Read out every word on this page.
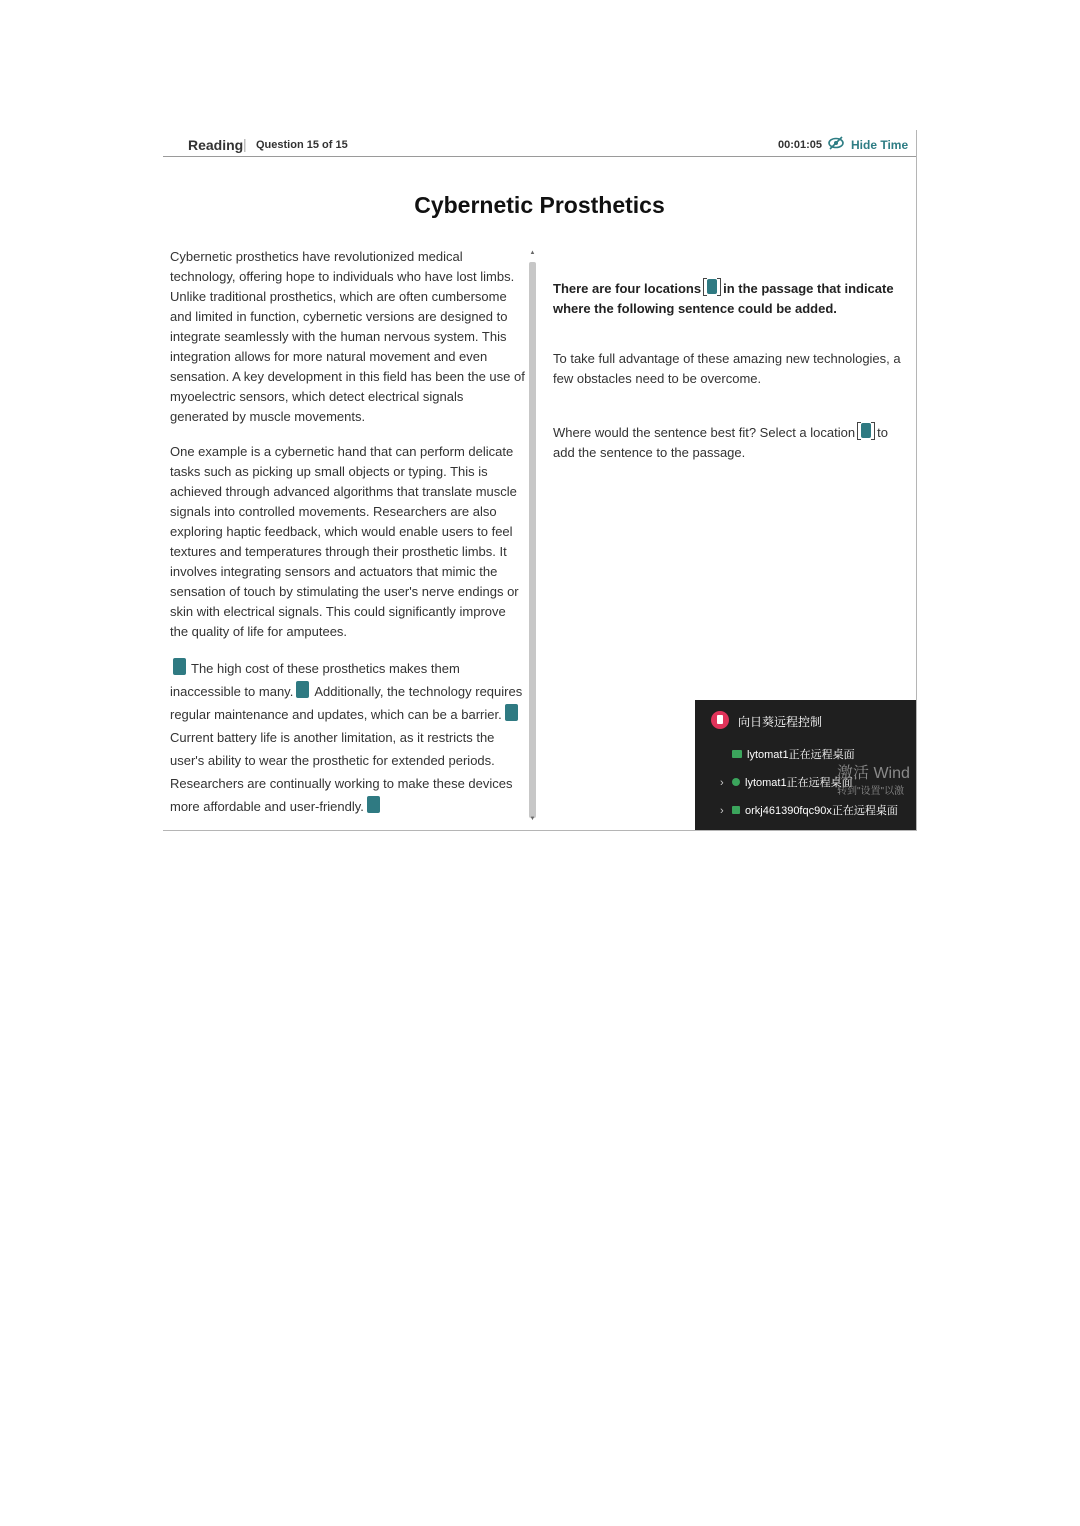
Reading | Question 15 of 15	00:01:05 Hide Time
Cybernetic Prosthetics

Cybernetic prosthetics have revolutionized medical technology, offering hope to individuals who have lost limbs. Unlike traditional prosthetics, which are often cumbersome and limited in function, cybernetic versions are designed to integrate seamlessly with the human nervous system. This integration allows for more natural movement and even sensation. A key development in this field has been the use of myoelectric sensors, which detect electrical signals generated by muscle movements.

One example is a cybernetic hand that can perform delicate tasks such as picking up small objects or typing. This is achieved through advanced algorithms that translate muscle signals into controlled movements. Researchers are also exploring haptic feedback, which would enable users to feel textures and temperatures through their prosthetic limbs. It involves integrating sensors and actuators that mimic the sensation of touch by stimulating the user's nerve endings or skin with electrical signals. This could significantly improve the quality of life for amputees.

The high cost of these prosthetics makes them inaccessible to many. Additionally, the technology requires regular maintenance and updates, which can be a barrier.Current battery life is another limitation, as it restricts the user's ability to wear the prosthetic for extended periods. Researchers are continually working to make these devices more affordable and user-friendly.

▲
▼

There are four locations in the passage that indicate where the following sentence could be added.

To take full advantage of these amazing new technologies, a few obstacles need to be overcome.

Where would the sentence best fit? Select a location to add the sentence to the passage.

向日葵远程控制
lytomat1正在远程桌面
› lytomat1正在远程桌面
› orkj461390fqc90x正在远程桌面
激活 Wind
转到"设置"以激
